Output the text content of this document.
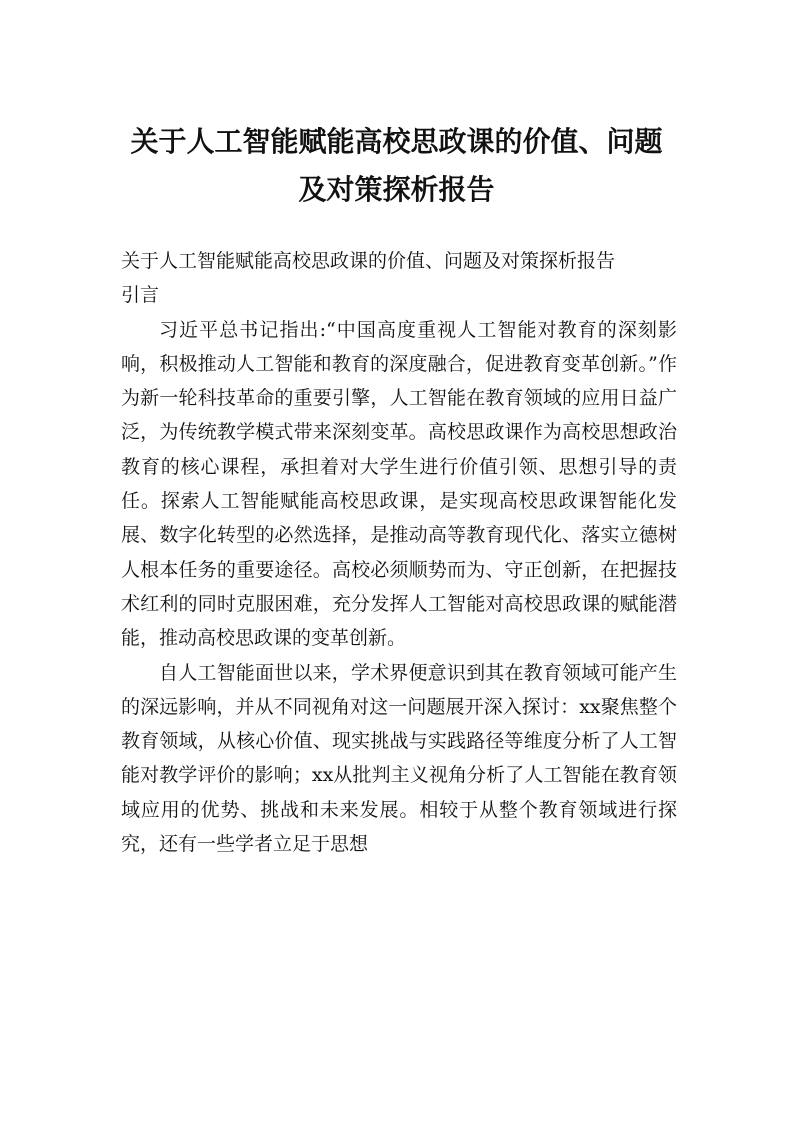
关于人工智能赋能高校思政课的价值、问题
及对策探析报告

关于人工智能赋能高校思政课的价值、问题及对策探析报告

引言

习近平总书记指出:“中国高度重视人工智能对教育的深刻影响，积极推动人工智能和教育的深度融合，促进教育变革创新。”作为新一轮科技革命的重要引擎，人工智能在教育领域的应用日益广泛，为传统教学模式带来深刻变革。高校思政课作为高校思想政治教育的核心课程，承担着对大学生进行价值引领、思想引导的责任。探索人工智能赋能高校思政课，是实现高校思政课智能化发展、数字化转型的必然选择，是推动高等教育现代化、落实立德树人根本任务的重要途径。高校必须顺势而为、守正创新，在把握技术红利的同时克服困难，充分发挥人工智能对高校思政课的赋能潜能，推动高校思政课的变革创新。

自人工智能面世以来，学术界便意识到其在教育领域可能产生的深远影响，并从不同视角对这一问题展开深入探讨：xx聚焦整个教育领域，从核心价值、现实挑战与实践路径等维度分析了人工智能对教学评价的影响；xx从批判主义视角分析了人工智能在教育领域应用的优势、挑战和未来发展。相较于从整个教育领域进行探究，还有一些学者立足于思想
